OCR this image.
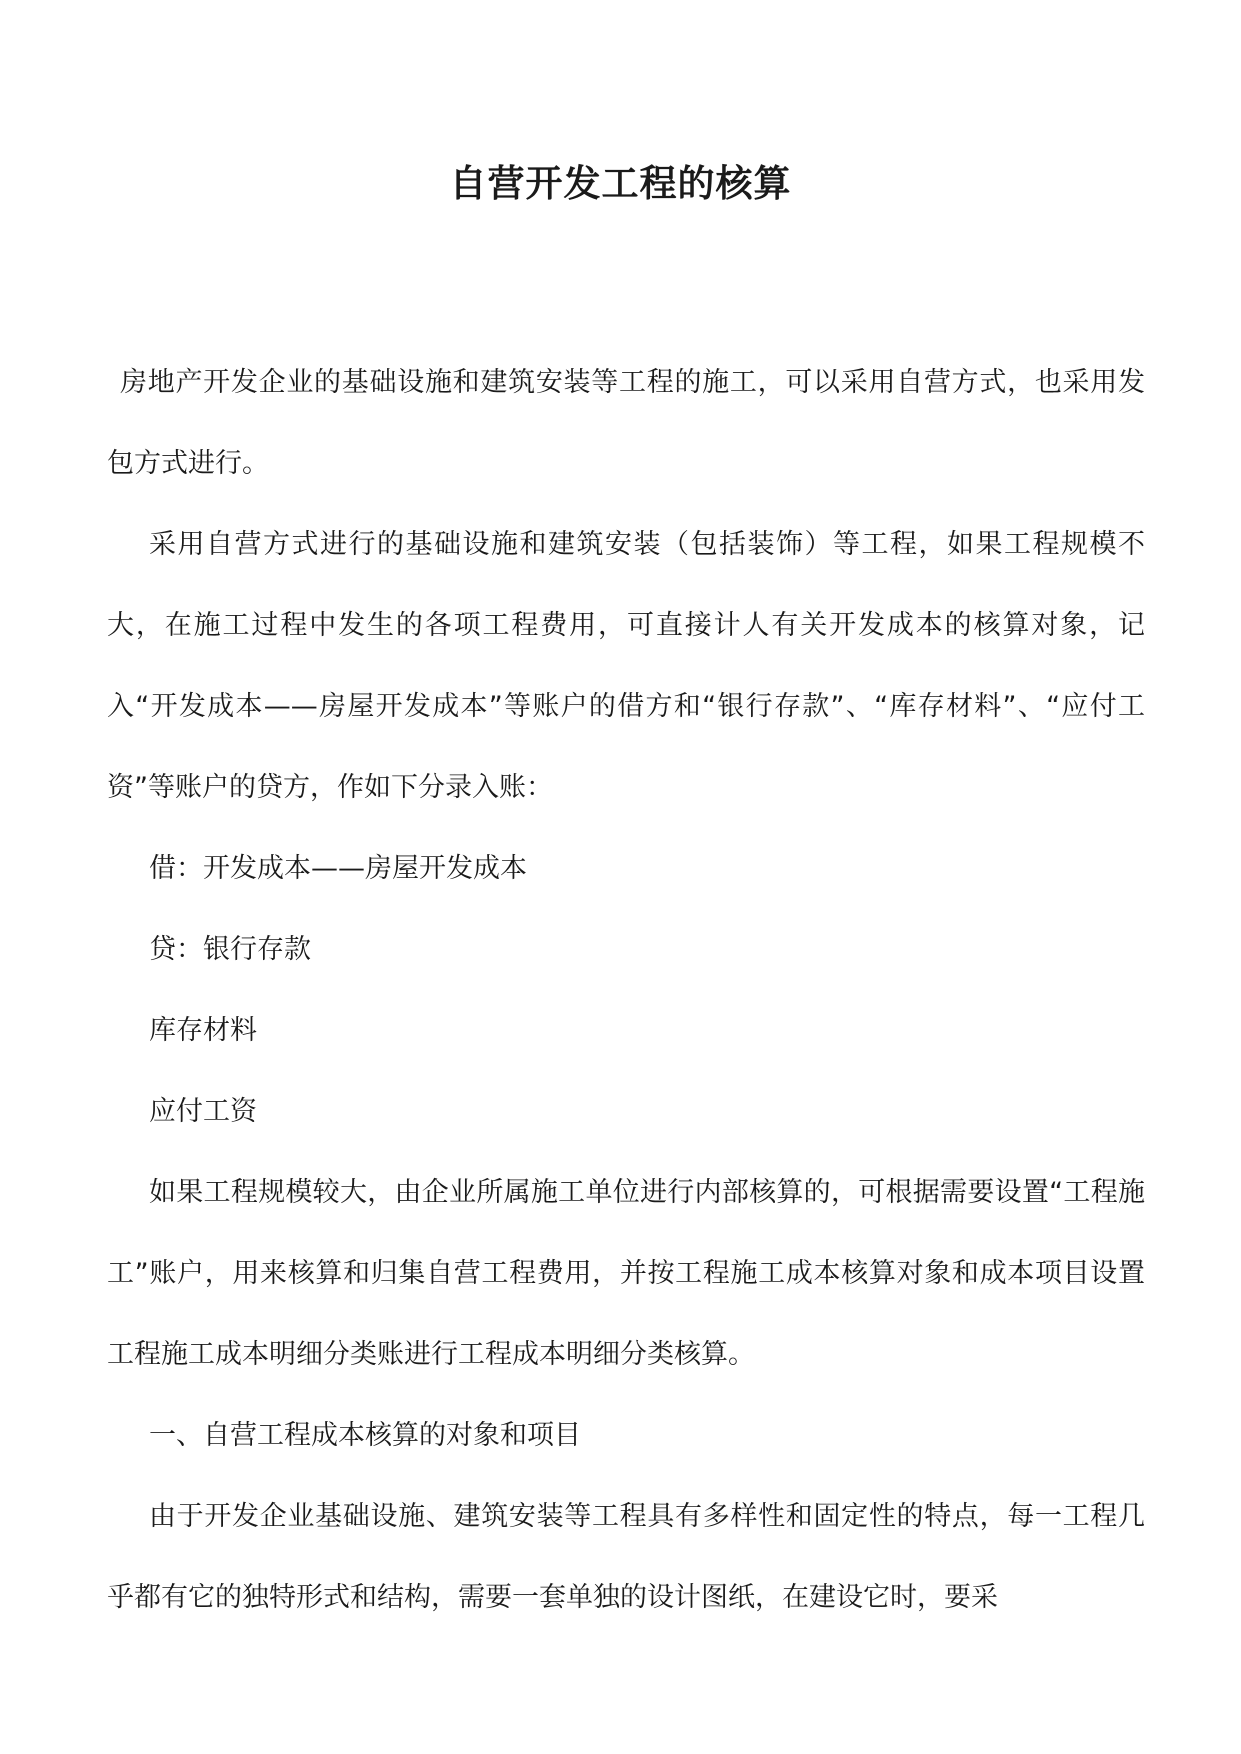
自营开发工程的核算

房地产开发企业的基础设施和建筑安装等工程的施工，可以采用自营方式，也采用发包方式进行。

采用自营方式进行的基础设施和建筑安装（包括装饰）等工程，如果工程规模不大，在施工过程中发生的各项工程费用，可直接计人有关开发成本的核算对象，记入“开发成本——房屋开发成本”等账户的借方和“银行存款”、“库存材料”、“应付工资”等账户的贷方，作如下分录入账：

借：开发成本——房屋开发成本

贷：银行存款

库存材料

应付工资

如果工程规模较大，由企业所属施工单位进行内部核算的，可根据需要设置“工程施工”账户，用来核算和归集自营工程费用，并按工程施工成本核算对象和成本项目设置工程施工成本明细分类账进行工程成本明细分类核算。

一、自营工程成本核算的对象和项目

由于开发企业基础设施、建筑安装等工程具有多样性和固定性的特点，每一工程几乎都有它的独特形式和结构，需要一套单独的设计图纸，在建设它时，要采
